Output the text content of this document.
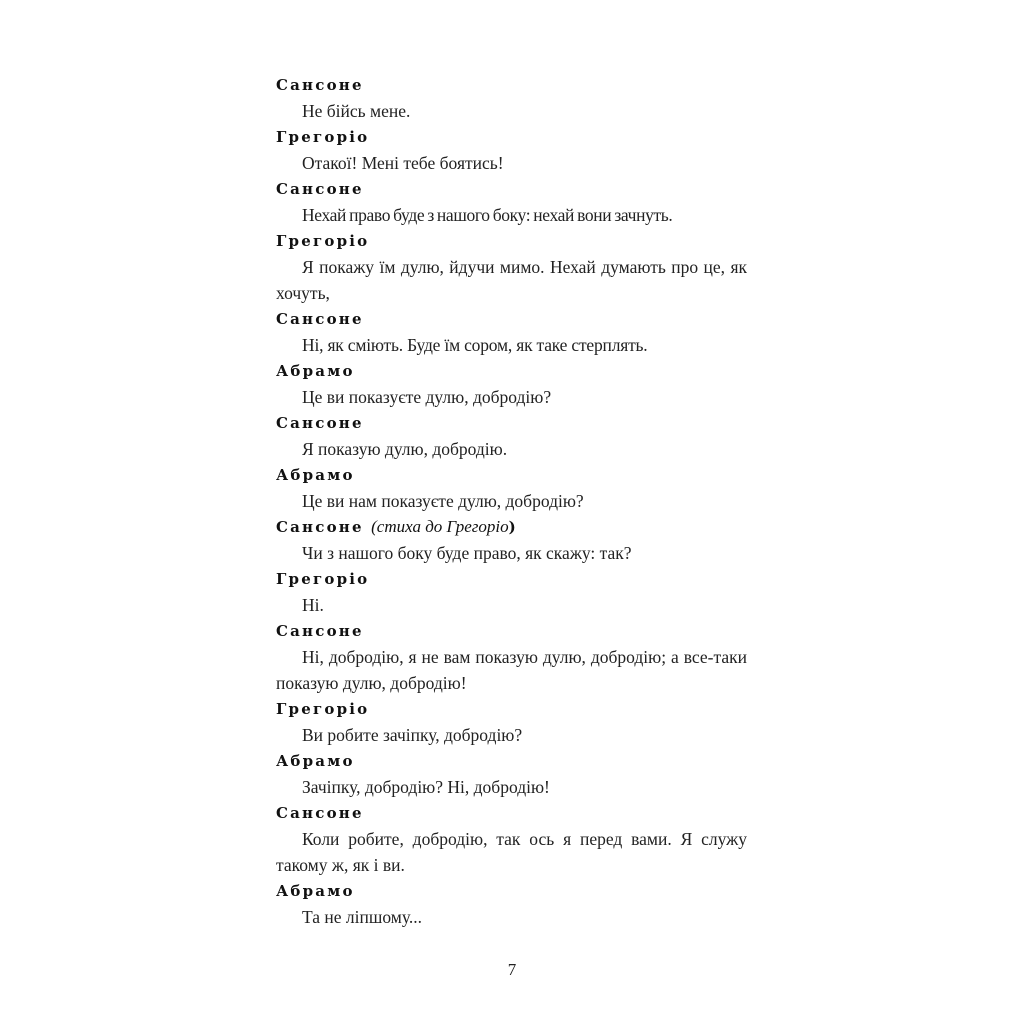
Сансоне
Не бійсь мене.
Грегоріо
Отакої! Мені тебе боятись!
Сансоне
Нехай право буде з нашого боку: нехай вони зачнуть.
Грегоріо
Я покажу їм дулю, йдучи мимо. Нехай думають про це, як хочуть,
Сансоне
Ні, як сміють. Буде їм сором, як таке стерплять.
Абрамо
Це ви показуєте дулю, добродію?
Сансоне
Я показую дулю, добродію.
Абрамо
Це ви нам показуєте дулю, добродію?
Сансоне (стиха до Грегоріо)
Чи з нашого боку буде право, як скажу: так?
Грегоріо
Ні.
Сансоне
Ні, добродію, я не вам показую дулю, добродію; а все-таки показую дулю, добродію!
Грегоріо
Ви робите зачіпку, добродію?
Абрамо
Зачіпку, добродію? Ні, добродію!
Сансоне
Коли робите, добродію, так ось я перед вами. Я служу такому ж, як і ви.
Абрамо
Та не ліпшому...
7
